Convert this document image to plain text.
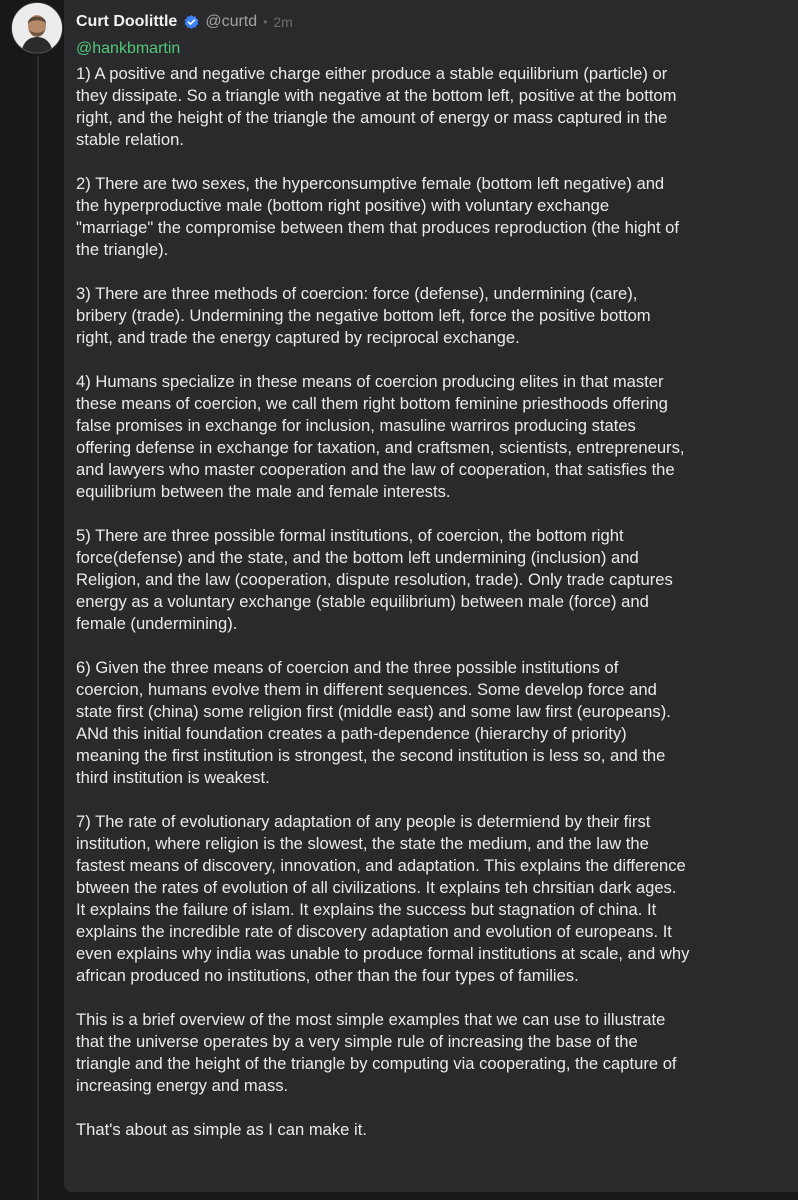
Curt Doolittle @curtd • 2m
@hankbmartin

1) A positive and negative charge either produce a stable equilibrium (particle) or
they dissipate. So a triangle with negative at the bottom left, positive at the bottom
right, and the height of the triangle the amount of energy or mass captured in the
stable relation.

2) There are two sexes, the hyperconsumptive female (bottom left negative) and
the hyperproductive male (bottom right positive) with voluntary exchange
"marriage" the compromise between them that produces reproduction (the hight of
the triangle).

3) There are three methods of coercion: force (defense), undermining (care),
bribery (trade). Undermining the negative bottom left, force the positive bottom
right, and trade the energy captured by reciprocal exchange.

4) Humans specialize in these means of coercion producing elites in that master
these means of coercion, we call them right bottom feminine priesthoods offering
false promises in exchange for inclusion, masuline warriros producing states
offering defense in exchange for taxation, and craftsmen, scientists, entrepreneurs,
and lawyers who master cooperation and the law of cooperation, that satisfies the
equilibrium between the male and female interests.

5) There are three possible formal institutions, of coercion, the bottom right
force(defense) and the state, and the bottom left undermining (inclusion) and
Religion, and the law (cooperation, dispute resolution, trade). Only trade captures
energy as a voluntary exchange (stable equilibrium) between male (force) and
female (undermining).

6) Given the three means of coercion and the three possible institutions of
coercion, humans evolve them in different sequences. Some develop force and
state first (china) some religion first (middle east) and some law first (europeans).
ANd this initial foundation creates a path-dependence (hierarchy of priority)
meaning the first institution is strongest, the second institution is less so, and the
third institution is weakest.

7) The rate of evolutionary adaptation of any people is determiend by their first
institution, where religion is the slowest, the state the medium, and the law the
fastest means of discovery, innovation, and adaptation. This explains the difference
btween the rates of evolution of all civilizations. It explains teh chrsitian dark ages.
It explains the failure of islam. It explains the success but stagnation of china. It
explains the incredible rate of discovery adaptation and evolution of europeans. It
even explains why india was unable to produce formal institutions at scale, and why
african produced no institutions, other than the four types of families.

This is a brief overview of the most simple examples that we can use to illustrate
that the universe operates by a very simple rule of increasing the base of the
triangle and the height of the triangle by computing via cooperating, the capture of
increasing energy and mass.

That's about as simple as I can make it.
